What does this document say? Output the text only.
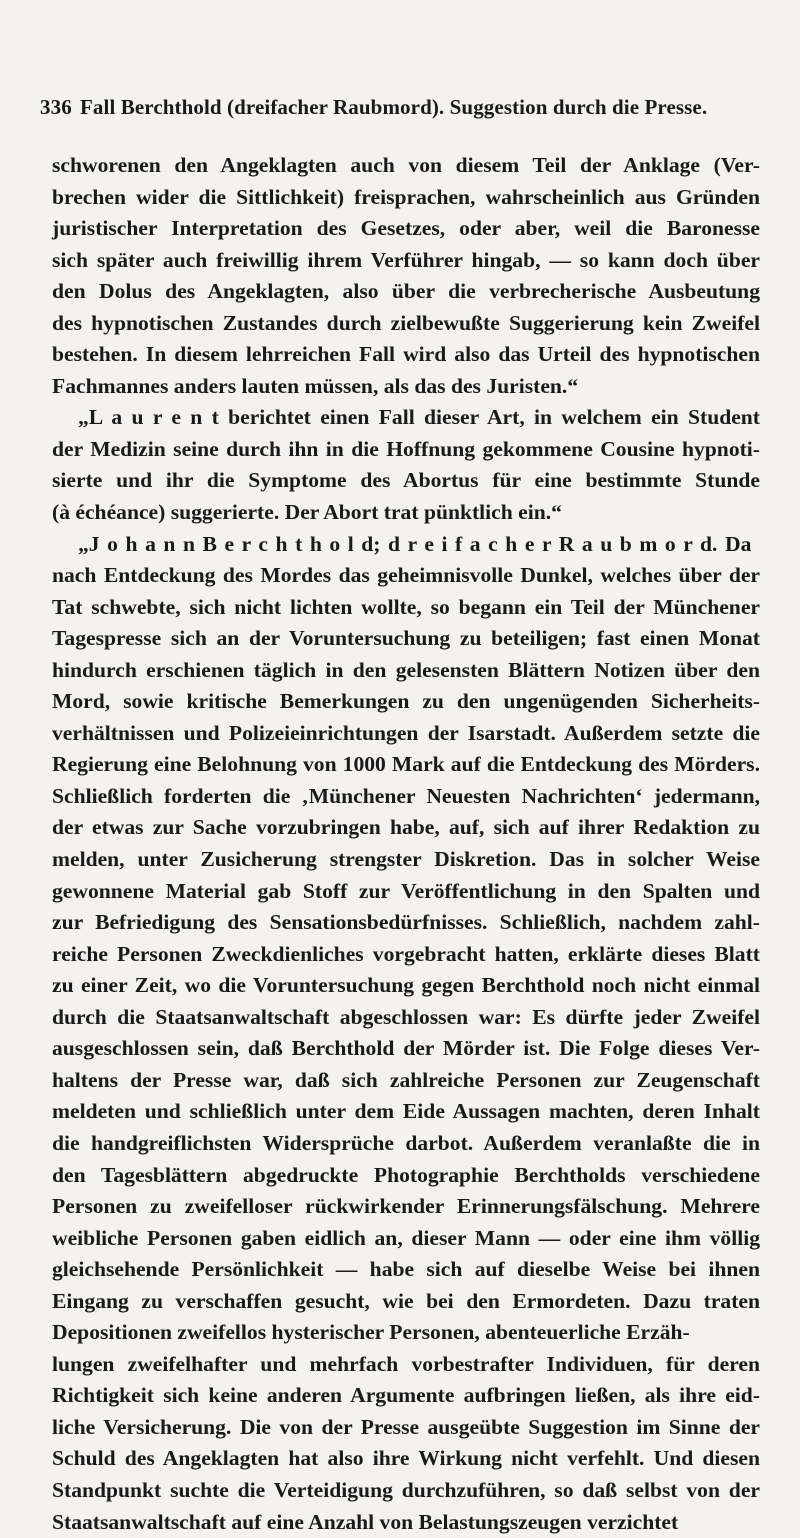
336 Fall Berchthold (dreifacher Raubmord). Suggestion durch die Presse.
schworenen den Angeklagten auch von diesem Teil der Anklage (Ver-
brechen wider die Sittlichkeit) freisprachen, wahrscheinlich aus Gründen
juristischer Interpretation des Gesetzes, oder aber, weil die Baronesse
sich später auch freiwillig ihrem Verführer hingab, — so kann doch über
den Dolus des Angeklagten, also über die verbrecherische Ausbeutung
des hypnotischen Zustandes durch zielbewußte Suggerierung kein Zweifel
bestehen. In diesem lehrreichen Fall wird also das Urteil des hypnotischen
Fachmannes anders lauten müssen, als das des Juristen.“
„L a u r e n t berichtet einen Fall dieser Art, in welchem ein Student
der Medizin seine durch ihn in die Hoffnung gekommene Cousine hypnoti-
sierte und ihr die Symptome des Abortus für eine bestimmte Stunde
(à échéance) suggerierte. Der Abort trat pünktlich ein.“
„J o h a n n B e r c h t h o l d; d r e i f a c h e r R a u b m o r d. Da
nach Entdeckung des Mordes das geheimnisvolle Dunkel, welches über der
Tat schwebte, sich nicht lichten wollte, so begann ein Teil der Münchener
Tagespresse sich an der Voruntersuchung zu beteiligen; fast einen Monat
hindurch erschienen täglich in den gelesensten Blättern Notizen über den
Mord, sowie kritische Bemerkungen zu den ungenügenden Sicherheits-
verhältnissen und Polizeieinrichtungen der Isarstadt. Außerdem setzte die
Regierung eine Belohnung von 1000 Mark auf die Entdeckung des Mörders.
Schließlich forderten die ‚Münchener Neuesten Nachrichten‘ jedermann,
der etwas zur Sache vorzubringen habe, auf, sich auf ihrer Redaktion zu
melden, unter Zusicherung strengster Diskretion. Das in solcher Weise
gewonnene Material gab Stoff zur Veröffentlichung in den Spalten und
zur Befriedigung des Sensationsbedürfnisses. Schließlich, nachdem zahl-
reiche Personen Zweckdienliches vorgebracht hatten, erklärte dieses Blatt
zu einer Zeit, wo die Voruntersuchung gegen Berchthold noch nicht einmal
durch die Staatsanwaltschaft abgeschlossen war: Es dürfte jeder Zweifel
ausgeschlossen sein, daß Berchthold der Mörder ist. Die Folge dieses Ver-
haltens der Presse war, daß sich zahlreiche Personen zur Zeugenschaft
meldeten und schließlich unter dem Eide Aussagen machten, deren Inhalt
die handgreiflichsten Widersprüche darbot. Außerdem veranlaßte die in
den Tagesblättern abgedruckte Photographie Berchtholds verschiedene
Personen zu zweifelloser rückwirkender Erinnerungsfälschung. Mehrere
weibliche Personen gaben eidlich an, dieser Mann — oder eine ihm völlig
gleichsehende Persönlichkeit — habe sich auf dieselbe Weise bei ihnen
Eingang zu verschaffen gesucht, wie bei den Ermordeten. Dazu traten
Depositionen zweifellos hysterischer Personen, abenteuerliche Erzäh-
lungen zweifelhafter und mehrfach vorbestrafter Individuen, für deren
Richtigkeit sich keine anderen Argumente aufbringen ließen, als ihre eid-
liche Versicherung. Die von der Presse ausgeübte Suggestion im Sinne der
Schuld des Angeklagten hat also ihre Wirkung nicht verfehlt. Und diesen
Standpunkt suchte die Verteidigung durchzuführen, so daß selbst von der
Staatsanwaltschaft auf eine Anzahl von Belastungszeugen verzichtet
